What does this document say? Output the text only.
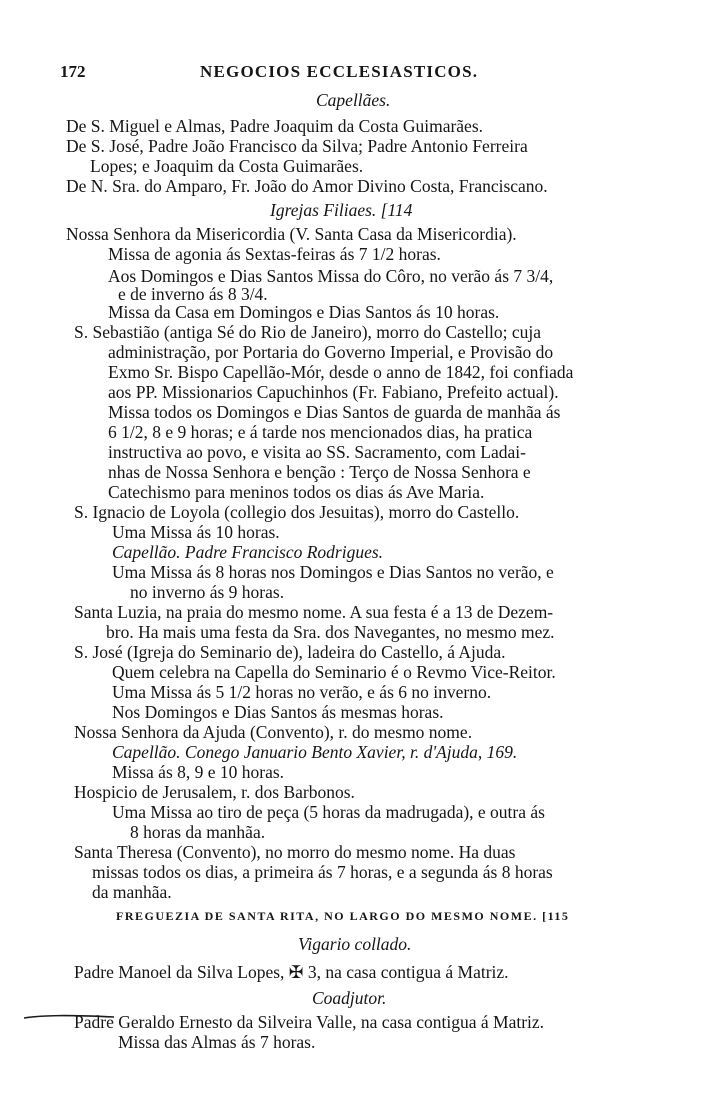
172	NEGOCIOS ECCLESIASTICOS.
Capellães.
De S. Miguel e Almas, Padre Joaquim da Costa Guimarães.
De S. José, Padre João Francisco da Silva; Padre Antonio Ferreira
Lopes; e Joaquim da Costa Guimarães.
De N. Sra. do Amparo, Fr. João do Amor Divino Costa, Franciscano.
Igrejas Filiaes. [114
Nossa Senhora da Misericordia (V. Santa Casa da Misericordia).
Missa de agonia ás Sextas-feiras ás 7 1/2 horas.
Aos Domingos e Dias Santos Missa do Côro, no verão ás 7 3/4,
e de inverno ás 8 3/4.
Missa da Casa em Domingos e Dias Santos ás 10 horas.
S. Sebastião (antiga Sé do Rio de Janeiro), morro do Castello; cuja
administração, por Portaria do Governo Imperial, e Provisão do
Exmo Sr. Bispo Capellão-Mór, desde o anno de 1842, foi confiada
aos PP. Missionarios Capuchinhos (Fr. Fabiano, Prefeito actual).
Missa todos os Domingos e Dias Santos de guarda de manhãa ás
6 1/2, 8 e 9 horas; e á tarde nos mencionados dias, ha pratica
instructiva ao povo, e visita ao SS. Sacramento, com Ladai-
nhas de Nossa Senhora e benção : Terço de Nossa Senhora e
Catechismo para meninos todos os dias ás Ave Maria.
S. Ignacio de Loyola (collegio dos Jesuitas), morro do Castello.
Uma Missa ás 10 horas.
Capellão. Padre Francisco Rodrigues.
Uma Missa ás 8 horas nos Domingos e Dias Santos no verão, e
no inverno ás 9 horas.
Santa Luzia, na praia do mesmo nome. A sua festa é a 13 de Dezem-
bro. Ha mais uma festa da Sra. dos Navegantes, no mesmo mez.
S. José (Igreja do Seminario de), ladeira do Castello, á Ajuda.
Quem celebra na Capella do Seminario é o Revmo Vice-Reitor.
Uma Missa ás 5 1/2 horas no verão, e ás 6 no inverno.
Nos Domingos e Dias Santos ás mesmas horas.
Nossa Senhora da Ajuda (Convento), r. do mesmo nome.
Capellão. Conego Januario Bento Xavier, r. d'Ajuda, 169.
Missa ás 8, 9 e 10 horas.
Hospicio de Jerusalem, r. dos Barbonos.
Uma Missa ao tiro de peça (5 horas da madrugada), e outra ás
8 horas da manhãa.
Santa Theresa (Convento), no morro do mesmo nome. Ha duas
missas todos os dias, a primeira ás 7 horas, e a segunda ás 8 horas
da manhãa.
FREGUEZIA DE SANTA RITA, NO LARGO DO MESMO NOME. [115
Vigario collado.
Padre Manoel da Silva Lopes, ✠ 3, na casa contigua á Matriz.
Coadjutor.
Padre Geraldo Ernesto da Silveira Valle, na casa contigua á Matriz.
Missa das Almas ás 7 horas.
